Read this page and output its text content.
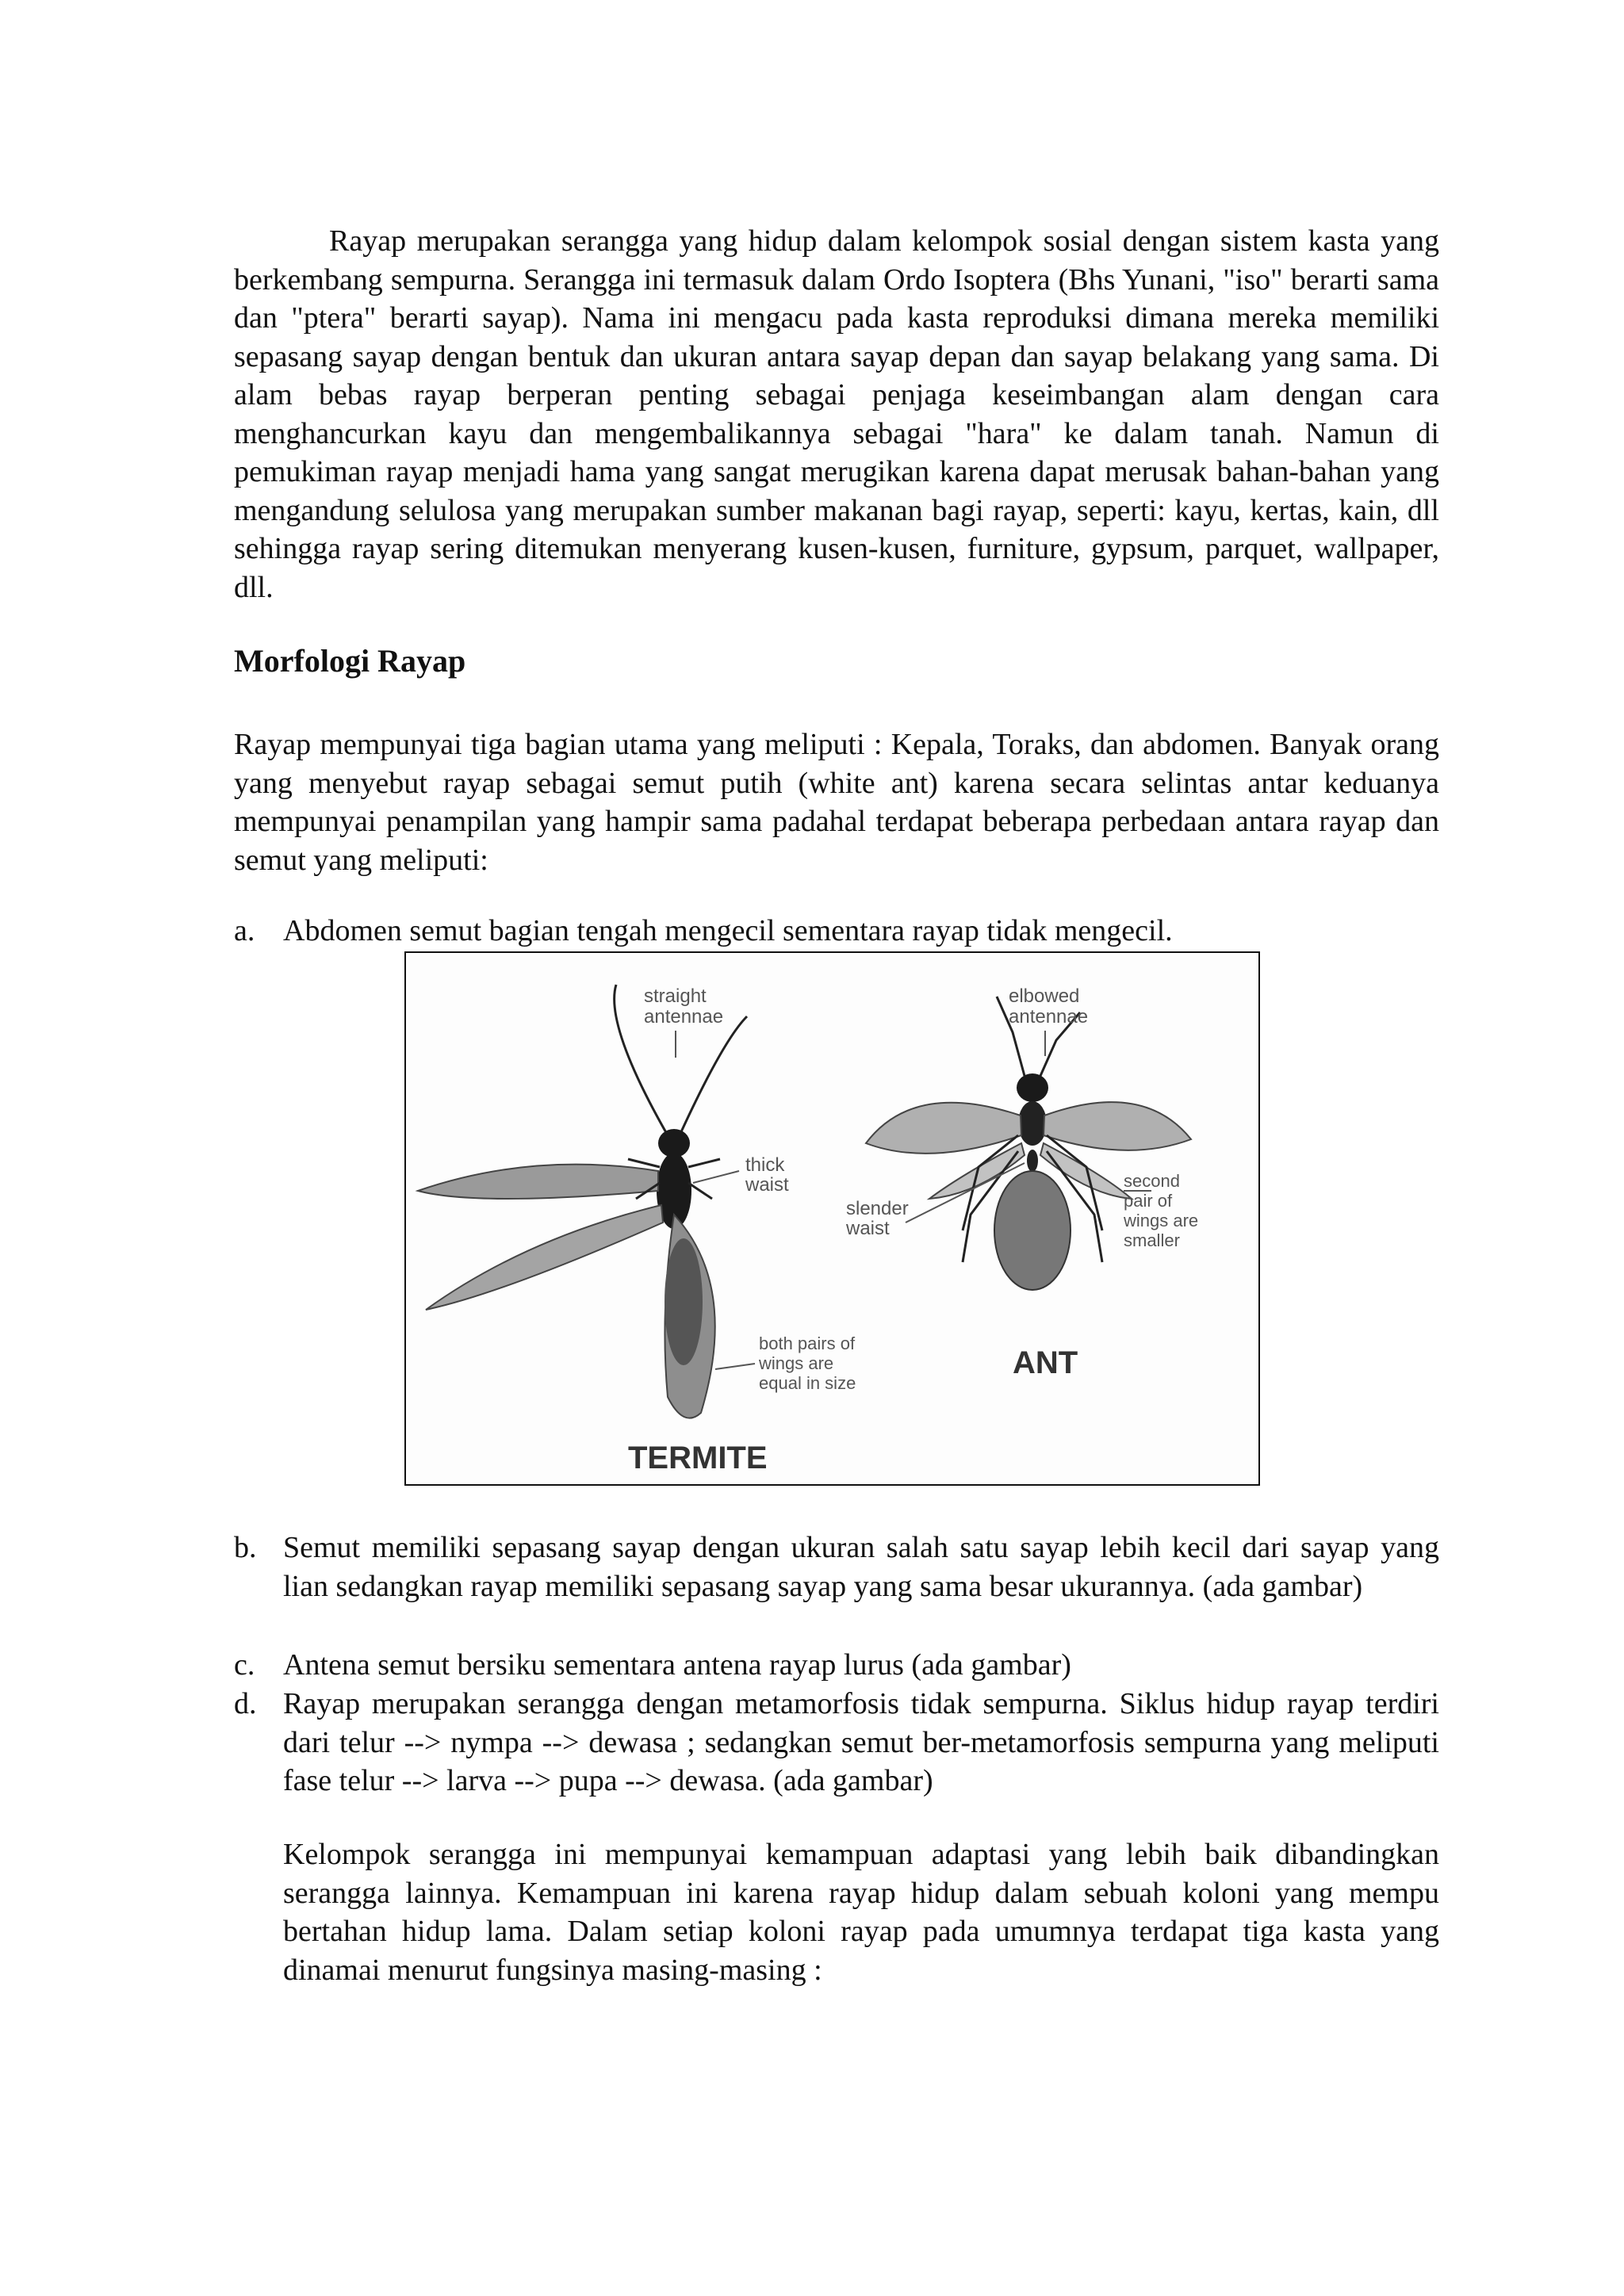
Rayap merupakan serangga yang hidup dalam kelompok sosial dengan sistem kasta yang berkembang sempurna. Serangga ini termasuk dalam Ordo Isoptera (Bhs Yunani, "iso" berarti sama dan "ptera" berarti sayap). Nama ini mengacu pada kasta reproduksi dimana mereka memiliki sepasang sayap dengan bentuk dan ukuran antara sayap depan dan sayap belakang yang sama. Di alam bebas rayap berperan penting sebagai penjaga keseimbangan alam dengan cara menghancurkan kayu dan mengembalikannya sebagai "hara" ke dalam tanah. Namun di pemukiman rayap menjadi hama yang sangat merugikan karena dapat merusak bahan-bahan yang mengandung selulosa yang merupakan sumber makanan bagi rayap, seperti: kayu, kertas, kain, dll sehingga rayap sering ditemukan menyerang kusen-kusen, furniture, gypsum, parquet, wallpaper, dll.

Morfologi Rayap

Rayap mempunyai tiga bagian utama yang meliputi : Kepala, Toraks, dan abdomen. Banyak orang yang menyebut rayap sebagai semut putih (white ant) karena secara selintas antar keduanya mempunyai penampilan yang hampir sama padahal terdapat beberapa perbedaan antara rayap dan semut yang meliputi:

a. Abdomen semut bagian tengah mengecil sementara rayap tidak mengecil.
straight
antennae
thick
waist
both pairs of
wings are
equal in size
TERMITE
elbowed
antennae
slender
waist
second
pair of
wings are
smaller
ANT
b. Semut memiliki sepasang sayap dengan ukuran salah satu sayap lebih kecil dari sayap yang lian sedangkan rayap memiliki sepasang sayap yang sama besar ukurannya. (ada gambar)
c. Antena semut bersiku sementara antena rayap lurus (ada gambar)
d. Rayap merupakan serangga dengan metamorfosis tidak sempurna. Siklus hidup rayap terdiri dari telur --> nympa --> dewasa ; sedangkan semut ber-metamorfosis sempurna yang meliputi fase telur --> larva --> pupa --> dewasa. (ada gambar)

Kelompok serangga ini mempunyai kemampuan adaptasi yang lebih baik dibandingkan serangga lainnya. Kemampuan ini karena rayap hidup dalam sebuah koloni yang mempu bertahan hidup lama. Dalam setiap koloni rayap pada umumnya terdapat tiga kasta yang dinamai menurut fungsinya masing-masing :
